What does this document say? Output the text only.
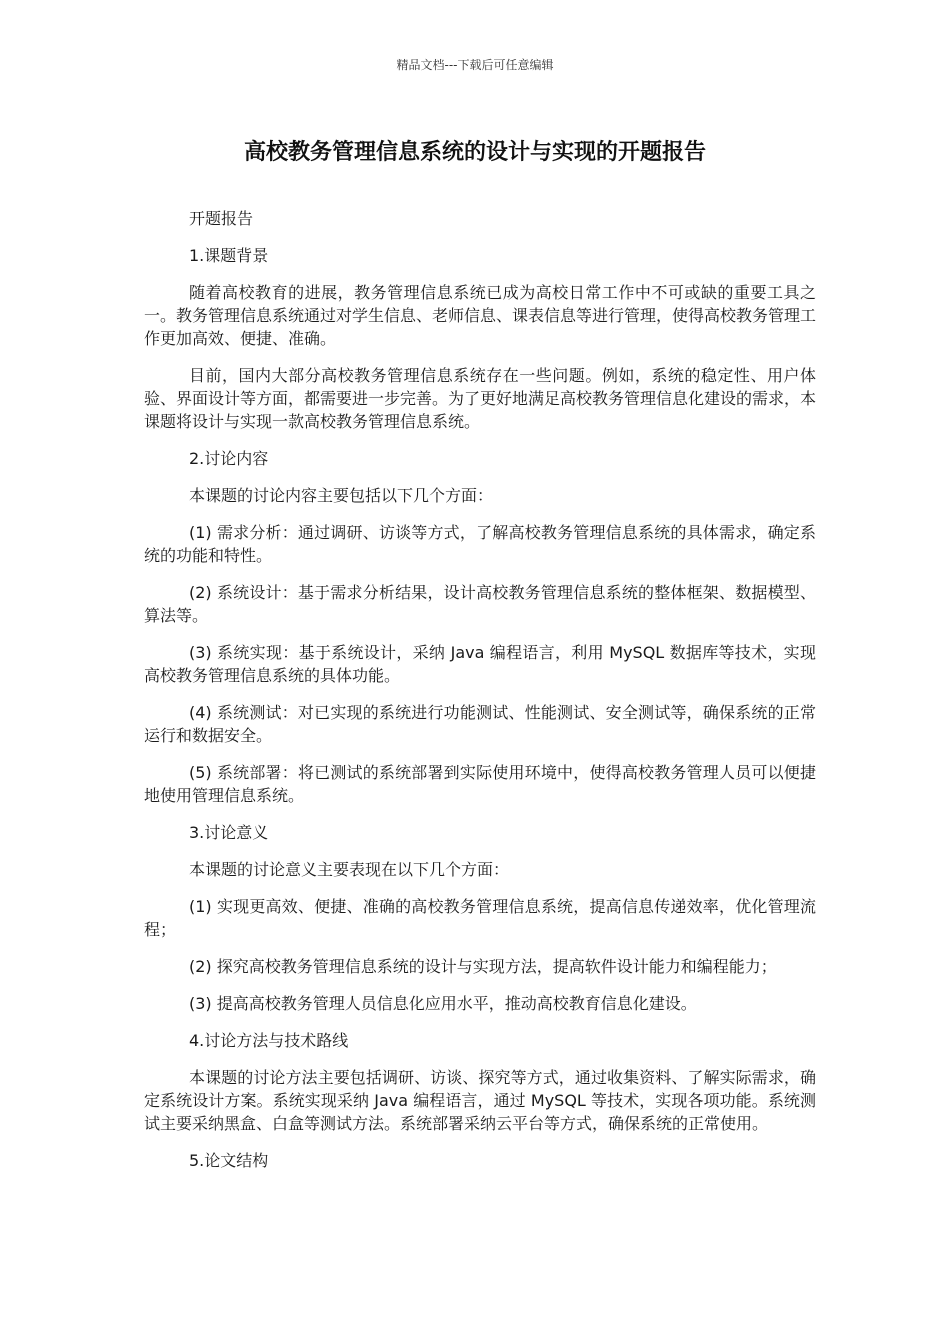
精品文档---下载后可任意编辑
高校教务管理信息系统的设计与实现的开题报告

开题报告

1.课题背景

随着高校教育的进展，教务管理信息系统已成为高校日常工作中不可或缺的重要工具之一。教务管理信息系统通过对学生信息、老师信息、课表信息等进行管理，使得高校教务管理工作更加高效、便捷、准确。

目前，国内大部分高校教务管理信息系统存在一些问题。例如，系统的稳定性、用户体验、界面设计等方面，都需要进一步完善。为了更好地满足高校教务管理信息化建设的需求，本课题将设计与实现一款高校教务管理信息系统。

2.讨论内容

本课题的讨论内容主要包括以下几个方面：

(1) 需求分析：通过调研、访谈等方式，了解高校教务管理信息系统的具体需求，确定系统的功能和特性。

(2) 系统设计：基于需求分析结果，设计高校教务管理信息系统的整体框架、数据模型、算法等。

(3) 系统实现：基于系统设计，采纳 Java 编程语言，利用 MySQL 数据库等技术，实现高校教务管理信息系统的具体功能。

(4) 系统测试：对已实现的系统进行功能测试、性能测试、安全测试等，确保系统的正常运行和数据安全。

(5) 系统部署：将已测试的系统部署到实际使用环境中，使得高校教务管理人员可以便捷地使用管理信息系统。

3.讨论意义

本课题的讨论意义主要表现在以下几个方面：

(1) 实现更高效、便捷、准确的高校教务管理信息系统，提高信息传递效率，优化管理流程；

(2) 探究高校教务管理信息系统的设计与实现方法，提高软件设计能力和编程能力；

(3) 提高高校教务管理人员信息化应用水平，推动高校教育信息化建设。

4.讨论方法与技术路线

本课题的讨论方法主要包括调研、访谈、探究等方式，通过收集资料、了解实际需求，确定系统设计方案。系统实现采纳 Java 编程语言，通过 MySQL 等技术，实现各项功能。系统测试主要采纳黑盒、白盒等测试方法。系统部署采纳云平台等方式，确保系统的正常使用。

5.论文结构
